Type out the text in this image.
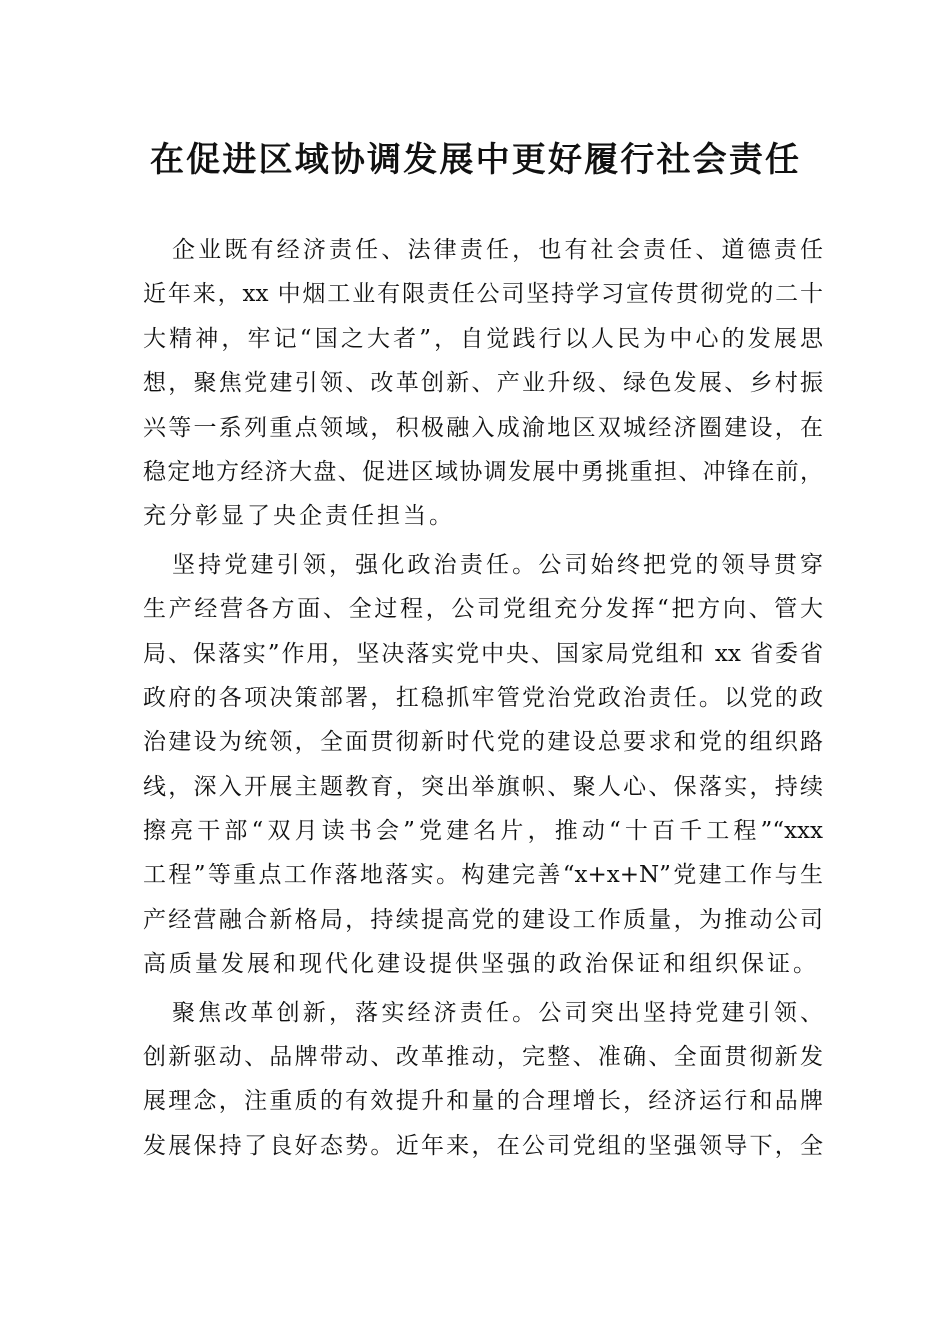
在促进区域协调发展中更好履行社会责任
企业既有经济责任、法律责任，也有社会责任、道德责任
近年来，xx 中烟工业有限责任公司坚持学习宣传贯彻党的二十
大精神，牢记“国之大者”，自觉践行以人民为中心的发展思
想，聚焦党建引领、改革创新、产业升级、绿色发展、乡村振
兴等一系列重点领域，积极融入成渝地区双城经济圈建设，在
稳定地方经济大盘、促进区域协调发展中勇挑重担、冲锋在前，
充分彰显了央企责任担当。
坚持党建引领，强化政治责任。公司始终把党的领导贯穿
生产经营各方面、全过程，公司党组充分发挥“把方向、管大
局、保落实”作用，坚决落实党中央、国家局党组和 xx 省委省
政府的各项决策部署，扛稳抓牢管党治党政治责任。以党的政
治建设为统领，全面贯彻新时代党的建设总要求和党的组织路
线，深入开展主题教育，突出举旗帜、聚人心、保落实，持续
擦亮干部“双月读书会”党建名片，推动“十百千工程”“xxx
工程”等重点工作落地落实。构建完善“x+x+N”党建工作与生
产经营融合新格局，持续提高党的建设工作质量，为推动公司
高质量发展和现代化建设提供坚强的政治保证和组织保证。
聚焦改革创新，落实经济责任。公司突出坚持党建引领、
创新驱动、品牌带动、改革推动，完整、准确、全面贯彻新发
展理念，注重质的有效提升和量的合理增长，经济运行和品牌
发展保持了良好态势。近年来，在公司党组的坚强领导下，全
